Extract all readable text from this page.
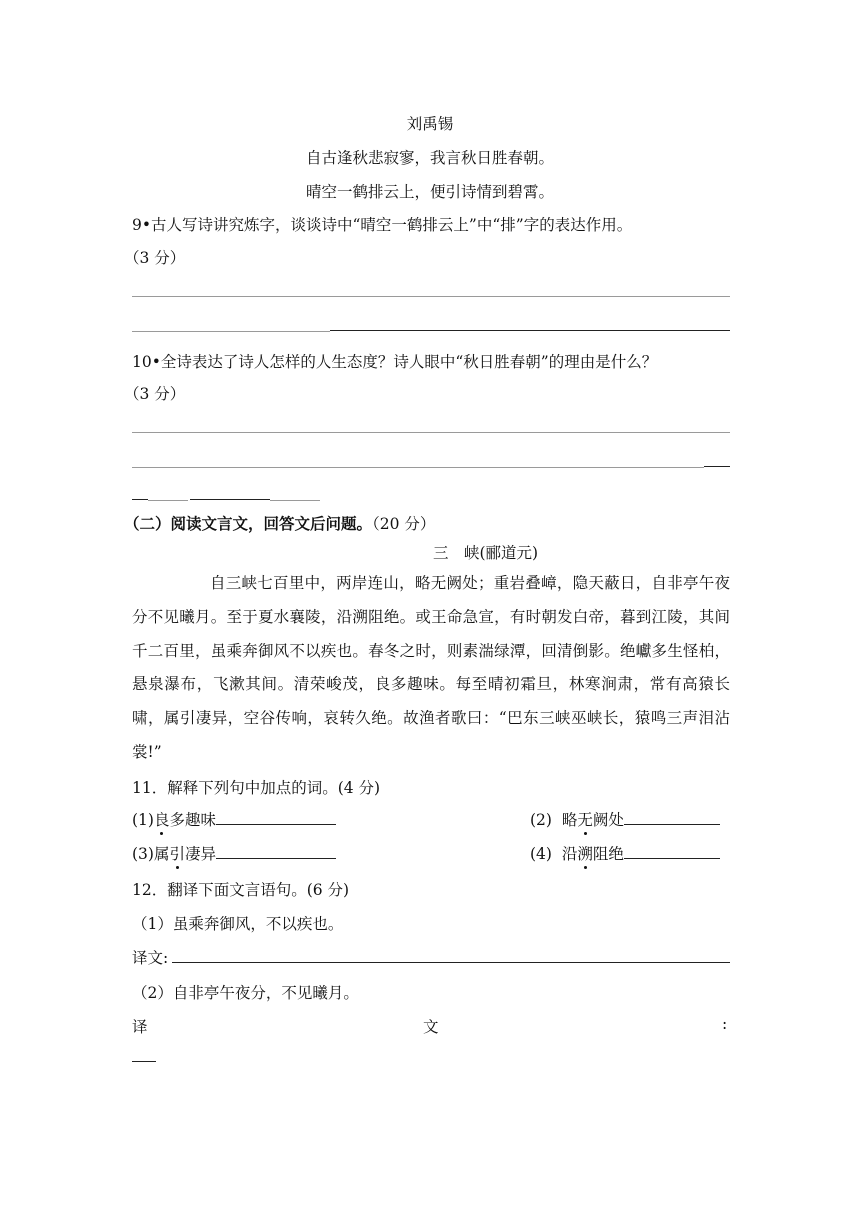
刘禹锡
自古逢秋悲寂寥，我言秋日胜春朝。
晴空一鹤排云上，便引诗情到碧霄。
9•古人写诗讲究炼字，谈谈诗中“晴空一鹤排云上”中“排”字的表达作用。
（3 分）
10•全诗表达了诗人怎样的人生态度？诗人眼中“秋日胜春朝”的理由是什么？
（3 分）
（二）阅读文言文，回答文后问题。（20 分）
三　峡(郦道元)
自三峡七百里中，两岸连山，略无阙处；重岩叠嶂，隐天蔽日，自非亭午夜分不见曦月。至于夏水襄陵，沿溯阻绝。或王命急宣，有时朝发白帝，暮到江陵，其间千二百里，虽乘奔御风不以疾也。春冬之时，则素湍绿潭，回清倒影。绝巘多生怪柏，悬泉瀑布，飞漱其间。清荣峻茂，良多趣味。每至晴初霜旦，林寒涧肃，常有高猿长啸，属引凄异，空谷传响，哀转久绝。故渔者歌曰：“巴东三峡巫峡长，猿鸣三声泪沾裳!”
11．解释下列句中加点的词。(4 分)
(1)良多趣味	(2) 略无阙处
(3)属引凄异	(4) 沿溯阻绝
12．翻译下面文言语句。(6 分)
（1）虽乘奔御风，不以疾也。
译文:
（2）自非亭午夜分，不见曦月。
译	文	:
